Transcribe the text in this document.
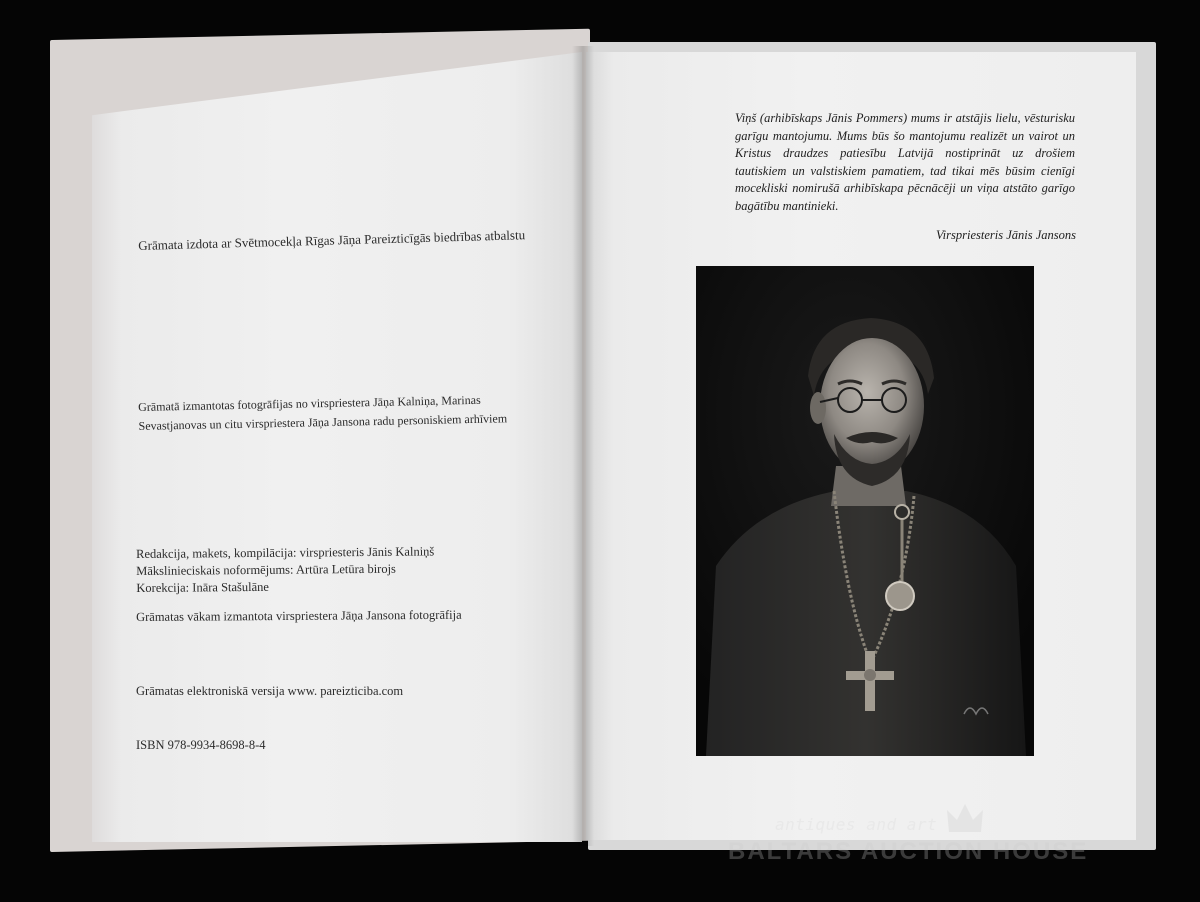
Grāmata izdota ar Svētmocekļa Rīgas Jāņa Pareizticīgās biedrības atbalstu

Grāmatā izmantotas fotogrāfijas no virspriestera Jāņa Kalniņa, Marinas Sevastjanovas un citu virspriestera Jāņa Jansona radu personiskiem arhīviem

Redakcija, makets, kompilācija: virspriesteris Jānis Kalniņš
Mākslinieciskais noformējums: Artūra Letūra birojs
Korekcija: Ināra Stašulāne

Grāmatas vākam izmantota virspriestera Jāņa Jansona fotogrāfija

Grāmatas elektroniskā versija www. pareizticiba.com

ISBN 978-9934-8698-8-4

Viņš (arhibīskaps Jānis Pommers) mums ir atstājis lielu, vēsturisku garīgu mantojumu. Mums būs šo mantojumu realizēt un vairot un Kristus draudzes patiesību Latvijā nostiprināt uz drošiem tautiskiem un valstiskiem pamatiem, tad tikai mēs būsim cienīgi mocekliski nomirušā arhibīskapa pēcnācēji un viņa atstāto garīgo bagātību mantinieki.

Virspriesteris Jānis Jansons
antiques and art
BALTARS AUCTION HOUSE
